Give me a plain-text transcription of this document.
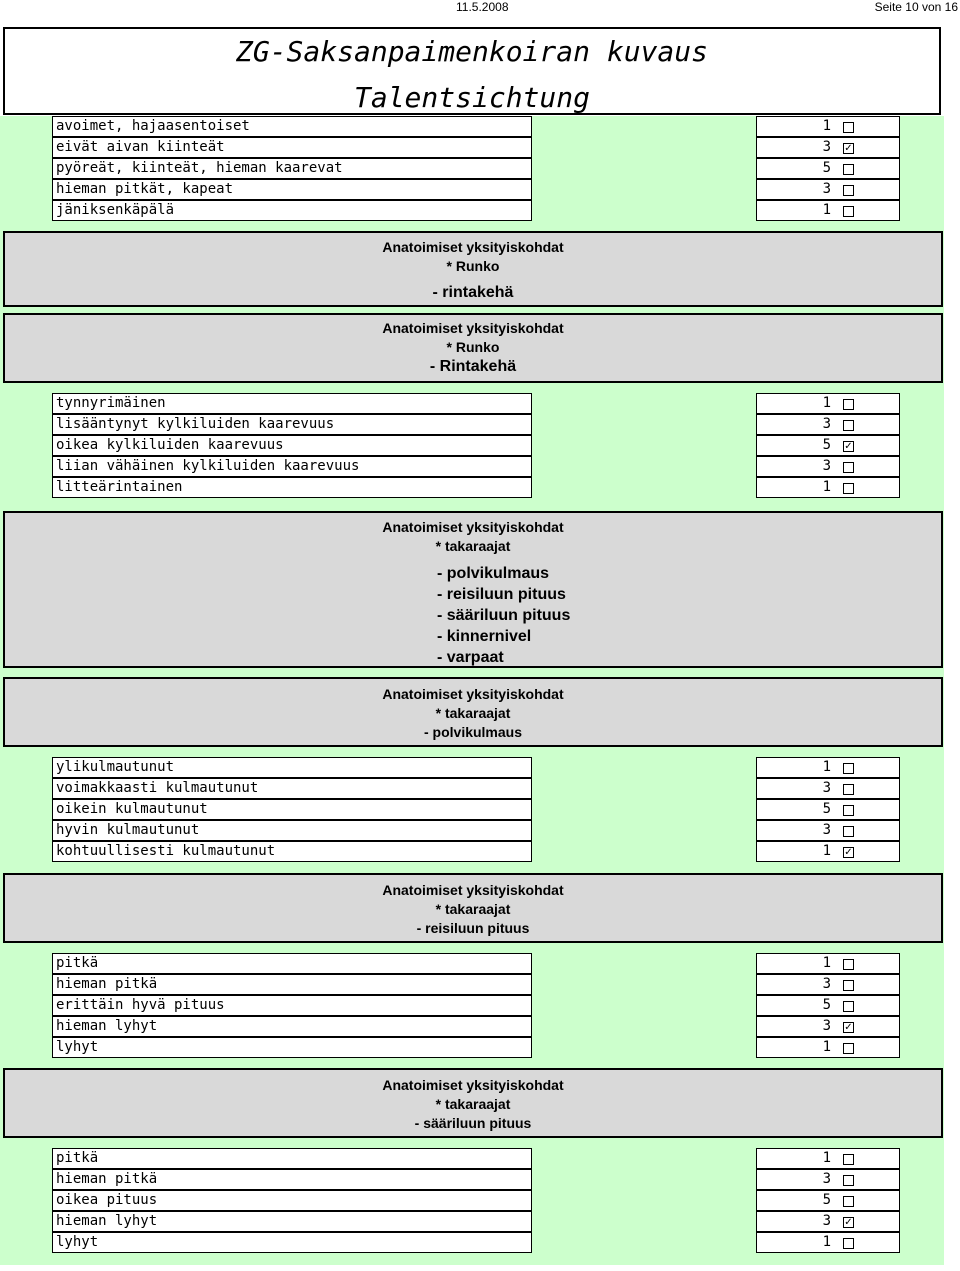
11.5.2008	Seite 10 von 16
ZG-Saksanpaimenkoiran kuvaus
Talentsichtung
avoimet, hajaasentoiset	1
eivät aivan kiinteät	3 ✓
pyöreät, kiinteät, hieman kaarevat	5
hieman pitkät, kapeat	3
jäniksenkäpälä	1
Anatoimiset yksityiskohdat
* Runko
- rintakehä
Anatoimiset yksityiskohdat
* Runko
- Rintakehä
tynnyrimäinen	1
lisääntynyt kylkiluiden kaarevuus	3
oikea kylkiluiden kaarevuus	5 ✓
liian vähäinen kylkiluiden kaarevuus	3
litteärintainen	1
Anatoimiset yksityiskohdat
* takaraajat
- polvikulmaus
- reisiluun pituus
- sääriluun pituus
- kinnernivel
- varpaat
Anatoimiset yksityiskohdat
* takaraajat
- polvikulmaus
ylikulmautunut	1
voimakkaasti kulmautunut	3
oikein kulmautunut	5
hyvin kulmautunut	3
kohtuullisesti kulmautunut	1 ✓
Anatoimiset yksityiskohdat
* takaraajat
- reisiluun pituus
pitkä	1
hieman pitkä	3
erittäin hyvä pituus	5
hieman lyhyt	3 ✓
lyhyt	1
Anatoimiset yksityiskohdat
* takaraajat
- sääriluun pituus
pitkä	1
hieman pitkä	3
oikea pituus	5
hieman lyhyt	3 ✓
lyhyt	1
